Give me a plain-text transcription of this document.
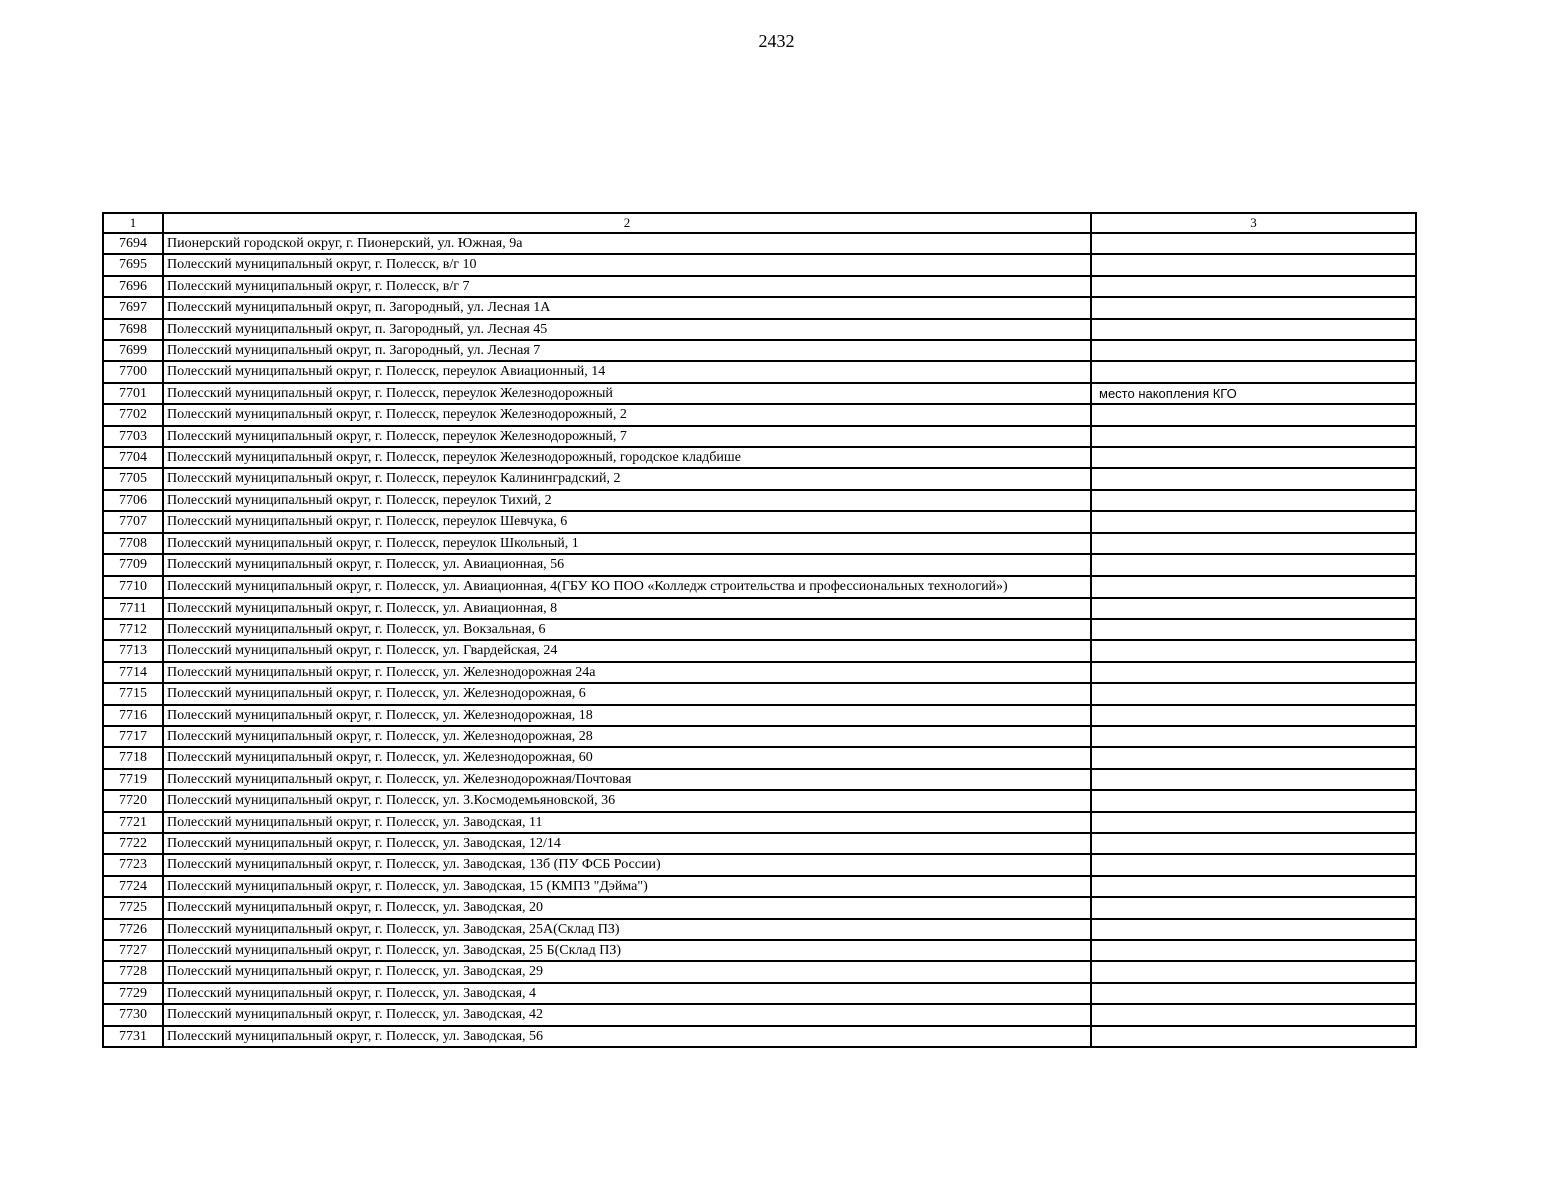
2432
1	2	3
7694	Пионерский городской округ, г. Пионерский, ул. Южная, 9а	
7695	Полесский муниципальный округ, г. Полесск, в/г 10	
7696	Полесский муниципальный округ, г. Полесск, в/г 7	
7697	Полесский муниципальный округ, п. Загородный, ул. Лесная 1А	
7698	Полесский муниципальный округ, п. Загородный, ул. Лесная 45	
7699	Полесский муниципальный округ, п. Загородный, ул. Лесная 7	
7700	Полесский муниципальный округ, г. Полесск, переулок Авиационный, 14	
7701	Полесский муниципальный округ, г. Полесск, переулок Железнодорожный	место накопления КГО
7702	Полесский муниципальный округ, г. Полесск, переулок Железнодорожный, 2	
7703	Полесский муниципальный округ, г. Полесск, переулок Железнодорожный, 7	
7704	Полесский муниципальный округ, г. Полесск, переулок Железнодорожный, городское кладбише	
7705	Полесский муниципальный округ, г. Полесск, переулок Калининградский, 2	
7706	Полесский муниципальный округ, г. Полесск, переулок Тихий, 2	
7707	Полесский муниципальный округ, г. Полесск, переулок Шевчука, 6	
7708	Полесский муниципальный округ, г. Полесск, переулок Школьный, 1	
7709	Полесский муниципальный округ, г. Полесск, ул. Авиационная, 56	
7710	Полесский муниципальный округ, г. Полесск, ул. Авиационная, 4(ГБУ КО ПОО «Колледж строительства и профессиональных технологий»)	
7711	Полесский муниципальный округ, г. Полесск, ул. Авиационная, 8	
7712	Полесский муниципальный округ, г. Полесск, ул. Вокзальная, 6	
7713	Полесский муниципальный округ, г. Полесск, ул. Гвардейская, 24	
7714	Полесский муниципальный округ, г. Полесск, ул. Железнодорожная 24а	
7715	Полесский муниципальный округ, г. Полесск, ул. Железнодорожная, 6	
7716	Полесский муниципальный округ, г. Полесск, ул. Железнодорожная, 18	
7717	Полесский муниципальный округ, г. Полесск, ул. Железнодорожная, 28	
7718	Полесский муниципальный округ, г. Полесск, ул. Железнодорожная, 60	
7719	Полесский муниципальный округ, г. Полесск, ул. Железнодорожная/Почтовая	
7720	Полесский муниципальный округ, г. Полесск, ул. З.Космодемьяновской, 36	
7721	Полесский муниципальный округ, г. Полесск, ул. Заводская, 11	
7722	Полесский муниципальный округ, г. Полесск, ул. Заводская, 12/14	
7723	Полесский муниципальный округ, г. Полесск, ул. Заводская, 13б (ПУ ФСБ России)	
7724	Полесский муниципальный округ, г. Полесск, ул. Заводская, 15 (КМПЗ "Дэйма")	
7725	Полесский муниципальный округ, г. Полесск, ул. Заводская, 20	
7726	Полесский муниципальный округ, г. Полесск, ул. Заводская, 25А(Склад ПЗ)	
7727	Полесский муниципальный округ, г. Полесск, ул. Заводская, 25 Б(Склад ПЗ)	
7728	Полесский муниципальный округ, г. Полесск, ул. Заводская, 29	
7729	Полесский муниципальный округ, г. Полесск, ул. Заводская, 4	
7730	Полесский муниципальный округ, г. Полесск, ул. Заводская, 42	
7731	Полесский муниципальный округ, г. Полесск, ул. Заводская, 56	
